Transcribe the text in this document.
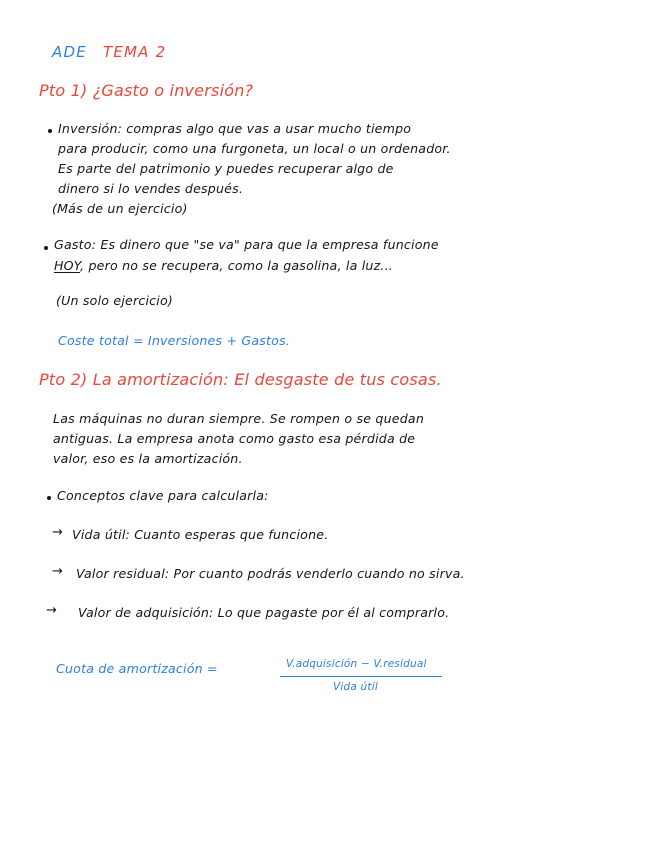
ADE TEMA 2
Pto 1) ¿Gasto o inversión?
Inversión: compras algo que vas a usar mucho tiempo
para producir, como una furgoneta, un local o un ordenador.
Es parte del patrimonio y puedes recuperar algo de
dinero si lo vendes después.
(Más de un ejercicio)
Gasto: Es dinero que "se va" para que la empresa funcione
HOY, pero no se recupera, como la gasolina, la luz...
(Un solo ejercicio)
Coste total = Inversiones + Gastos.
Pto 2) La amortización: El desgaste de tus cosas.
Las máquinas no duran siempre. Se rompen o se quedan
antiguas. La empresa anota como gasto esa pérdida de
valor, eso es la amortización.
Conceptos clave para calcularla:
→ Vida útil: Cuanto esperas que funcione.
→ Valor residual: Por cuanto podrás venderlo cuando no sirva.
→ Valor de adquisición: Lo que pagaste por él al comprarlo.
Cuota de amortización =	V.adquisición − V.residual
Vida útil
